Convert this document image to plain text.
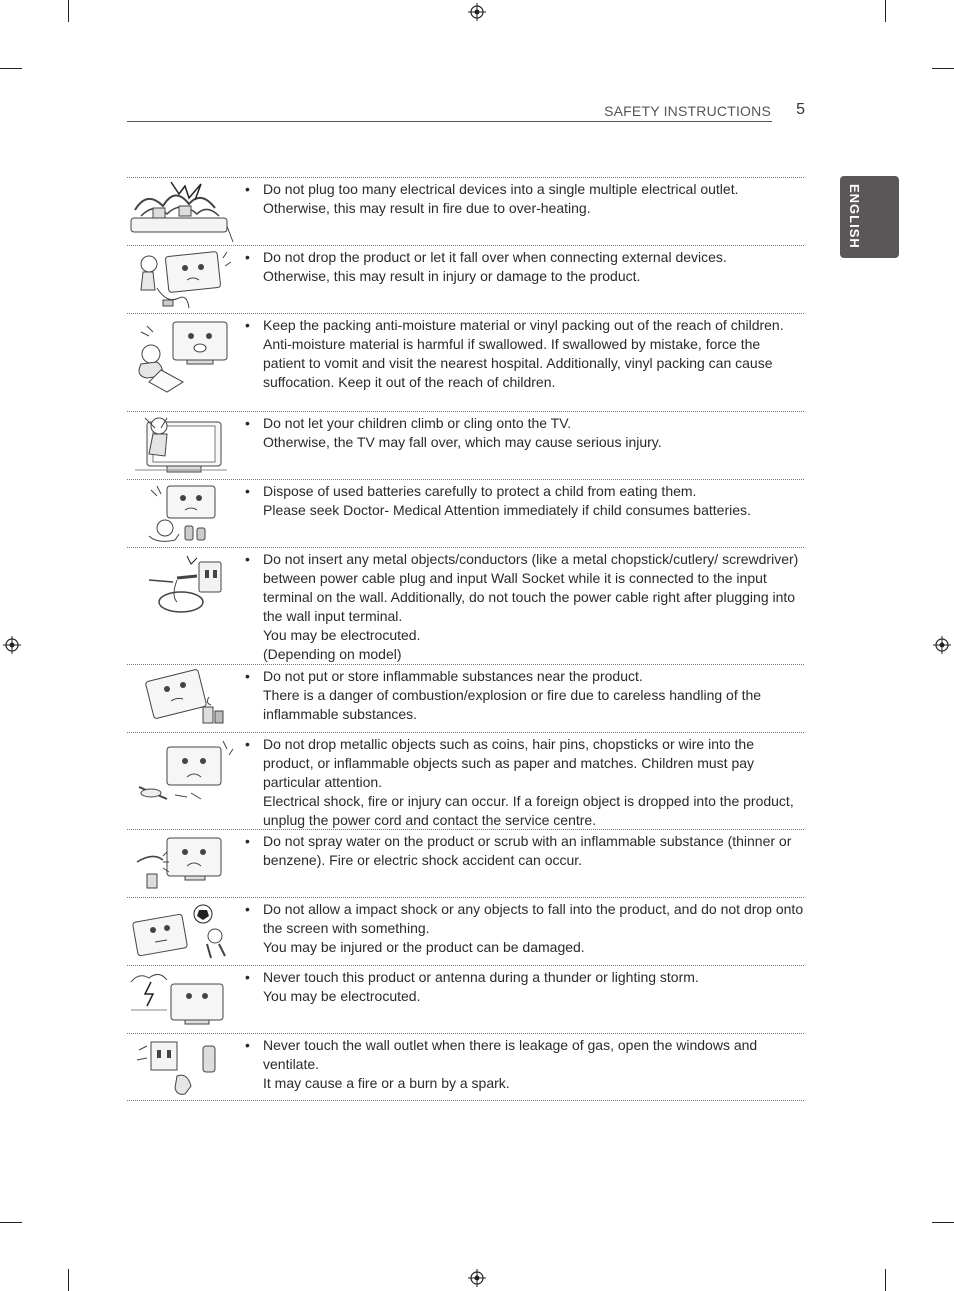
SAFETY INSTRUCTIONS 5
ENGLISH
• Do not plug too many electrical devices into a single multiple electrical outlet.
Otherwise, this may result in fire due to over-heating.
• Do not drop the product or let it fall over when connecting external devices.
Otherwise, this may result in injury or damage to the product.
• Keep the packing anti-moisture material or vinyl packing out of the reach of children.
Anti-moisture material is harmful if swallowed. If swallowed by mistake, force the patient to vomit and visit the nearest hospital. Additionally, vinyl packing can cause suffocation. Keep it out of the reach of children.
• Do not let your children climb or cling onto the TV.
Otherwise, the TV may fall over, which may cause serious injury.
• Dispose of used batteries carefully to protect a child from eating them.
Please seek Doctor- Medical Attention immediately if child consumes batteries.
• Do not insert any metal objects/conductors (like a metal chopstick/cutlery/ screwdriver) between power cable plug and input Wall Socket while it is connected to the input terminal on the wall. Additionally, do not touch the power cable right after plugging into the wall input terminal.
You may be electrocuted.
(Depending on model)
• Do not put or store inflammable substances near the product.
There is a danger of combustion/explosion or fire due to careless handling of the inflammable substances.
• Do not drop metallic objects such as coins, hair pins, chopsticks or wire into the product, or inflammable objects such as paper and matches. Children must pay particular attention.
Electrical shock, fire or injury can occur. If a foreign object is dropped into the product, unplug the power cord and contact the service centre.
• Do not spray water on the product or scrub with an inflammable substance (thinner or benzene). Fire or electric shock accident can occur.
• Do not allow a impact shock or any objects to fall into the product, and do not drop onto the screen with something.
You may be injured or the product can be damaged.
• Never touch this product or antenna during a thunder or lighting storm.
You may be electrocuted.
• Never touch the wall outlet when there is leakage of gas, open the windows and ventilate.
It may cause a fire or a burn by a spark.
